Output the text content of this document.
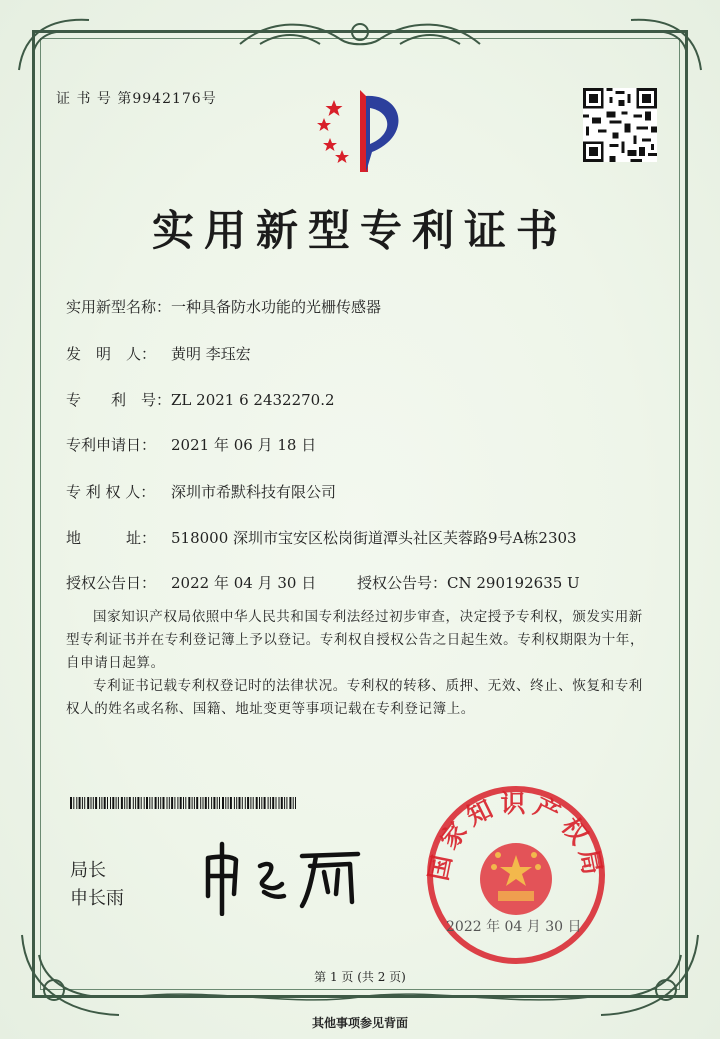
证 书 号 第9942176号
实用新型专利证书
实用新型名称：一种具备防水功能的光栅传感器
发　明　人： 黄明 李珏宏
专　　利　号：ZL 2021 6 2432270.2
专利申请日： 2021 年 06 月 18 日
专 利 权 人： 深圳市希默科技有限公司
地　　　址： 518000 深圳市宝安区松岗街道潭头社区芙蓉路9号A栋2303
授权公告日： 2022 年 04 月 30 日	授权公告号：CN 290192635 U
国家知识产权局依照中华人民共和国专利法经过初步审查，决定授予专利权，颁发实用新型专利证书并在专利登记簿上予以登记。专利权自授权公告之日起生效。专利权期限为十年，自申请日起算。
专利证书记载专利权登记时的法律状况。专利权的转移、质押、无效、终止、恢复和专利权人的姓名或名称、国籍、地址变更等事项记载在专利登记簿上。
局长
申长雨
国家知识产权局
2022 年 04 月 30 日
第 1 页 (共 2 页)
其他事项参见背面
